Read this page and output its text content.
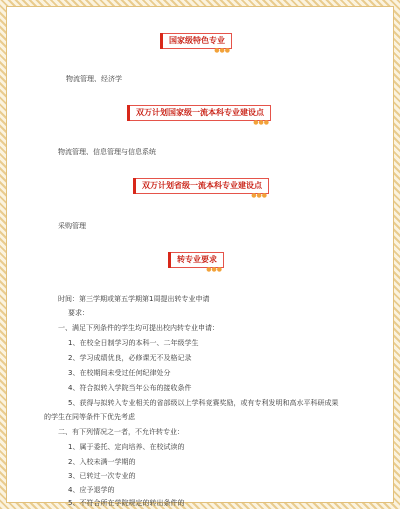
国家级特色专业
●●●
物流管理、经济学
双万计划国家级一流本科专业建设点
●●●
物流管理、信息管理与信息系统
双万计划省级一流本科专业建设点
●●●
采购管理
转专业要求
●●●
时间：第三学期或第五学期第1周提出转专业申请
要求：
一、满足下列条件的学生均可提出校内转专业申请：
1、在校全日制学习的本科一、二年级学生
2、学习成绩优良，必修课无不及格记录
3、在校期间未受过任何纪律处分
4、符合拟转入学院当年公布的接收条件
5、获得与拟转入专业相关的省部级以上学科竞赛奖励，或有专利发明和高水平科研成果
的学生在同等条件下优先考虑
二、有下列情况之一者，不允许转专业：
1、属于委托、定向培养、在校试读的
2、入校未满一学期的
3、已转过一次专业的
4、应予退学的
5、不符合所在学院规定的转出条件的
